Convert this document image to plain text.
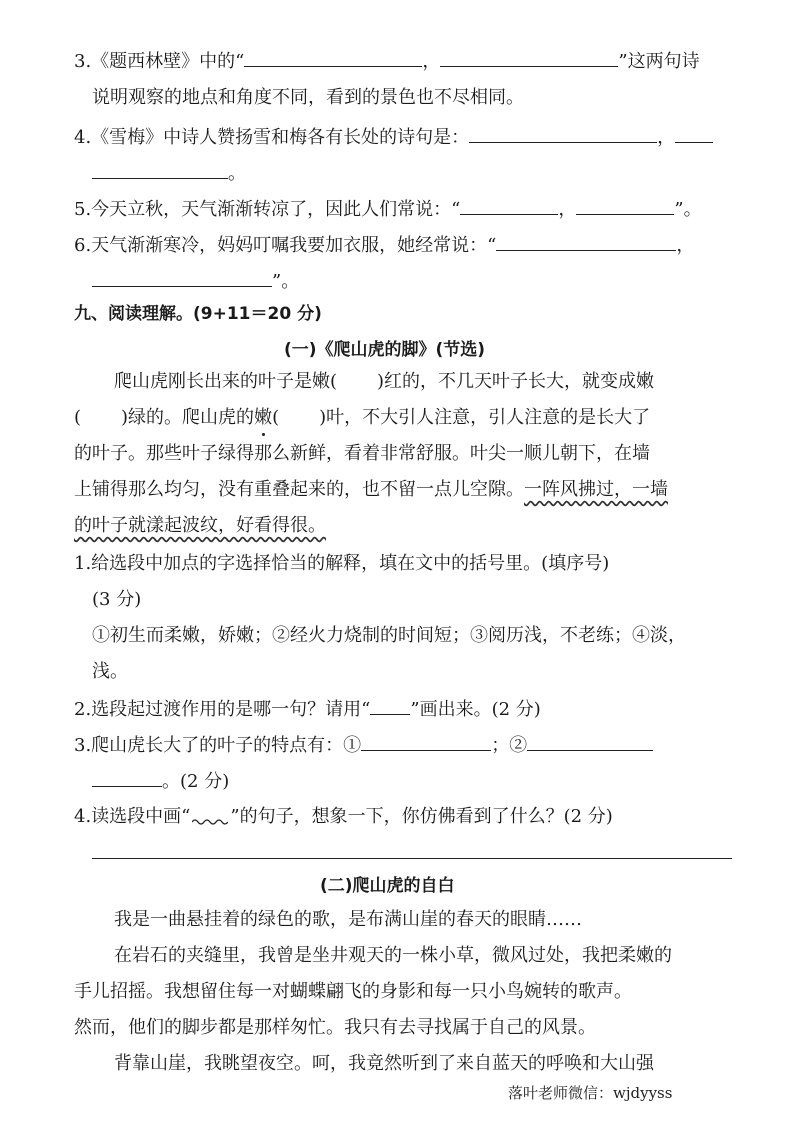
3.《题西林壁》中的“	，	”这两句诗
说明观察的地点和角度不同，看到的景色也不尽相同。
4.《雪梅》中诗人赞扬雪和梅各有长处的诗句是：	，
。
5.今天立秋，天气渐渐转凉了，因此人们常说：“	，	”。
6.天气渐渐寒冷，妈妈叮嘱我要加衣服，她经常说：“	，
”。
九、阅读理解。(9+11＝20 分)
(一)《爬山虎的脚》(节选)
爬山虎刚长出来的叶子是嫩( )红的，不几天叶子长大，就变成嫩
( )绿的。爬山虎的嫩( )叶，不大引人注意，引人注意的是长大了
的叶子。那些叶子绿得那么新鲜，看着非常舒服。叶尖一顺儿朝下，在墙
上铺得那么均匀，没有重叠起来的，也不留一点儿空隙。一阵风拂过，一墙
的叶子就漾起波纹，好看得很。
1.给选段中加点的字选择恰当的解释，填在文中的括号里。(填序号)
(3 分)
①初生而柔嫩，娇嫩；②经火力烧制的时间短；③阅历浅，不老练；④淡，
浅。
2.选段起过渡作用的是哪一句？请用“ ”画出来。(2 分)
3.爬山虎长大了的叶子的特点有：①	；②
。(2 分)
4.读选段中画“ ”的句子，想象一下，你仿佛看到了什么？(2 分)
(二)爬山虎的自白
我是一曲悬挂着的绿色的歌，是布满山崖的春天的眼睛……
在岩石的夹缝里，我曾是坐井观天的一株小草，微风过处，我把柔嫩的
手儿招摇。我想留住每一对蝴蝶翩飞的身影和每一只小鸟婉转的歌声。
然而，他们的脚步都是那样匆忙。我只有去寻找属于自己的风景。
背靠山崖，我眺望夜空。呵，我竟然听到了来自蓝天的呼唤和大山强
落叶老师微信：wjdyyss
